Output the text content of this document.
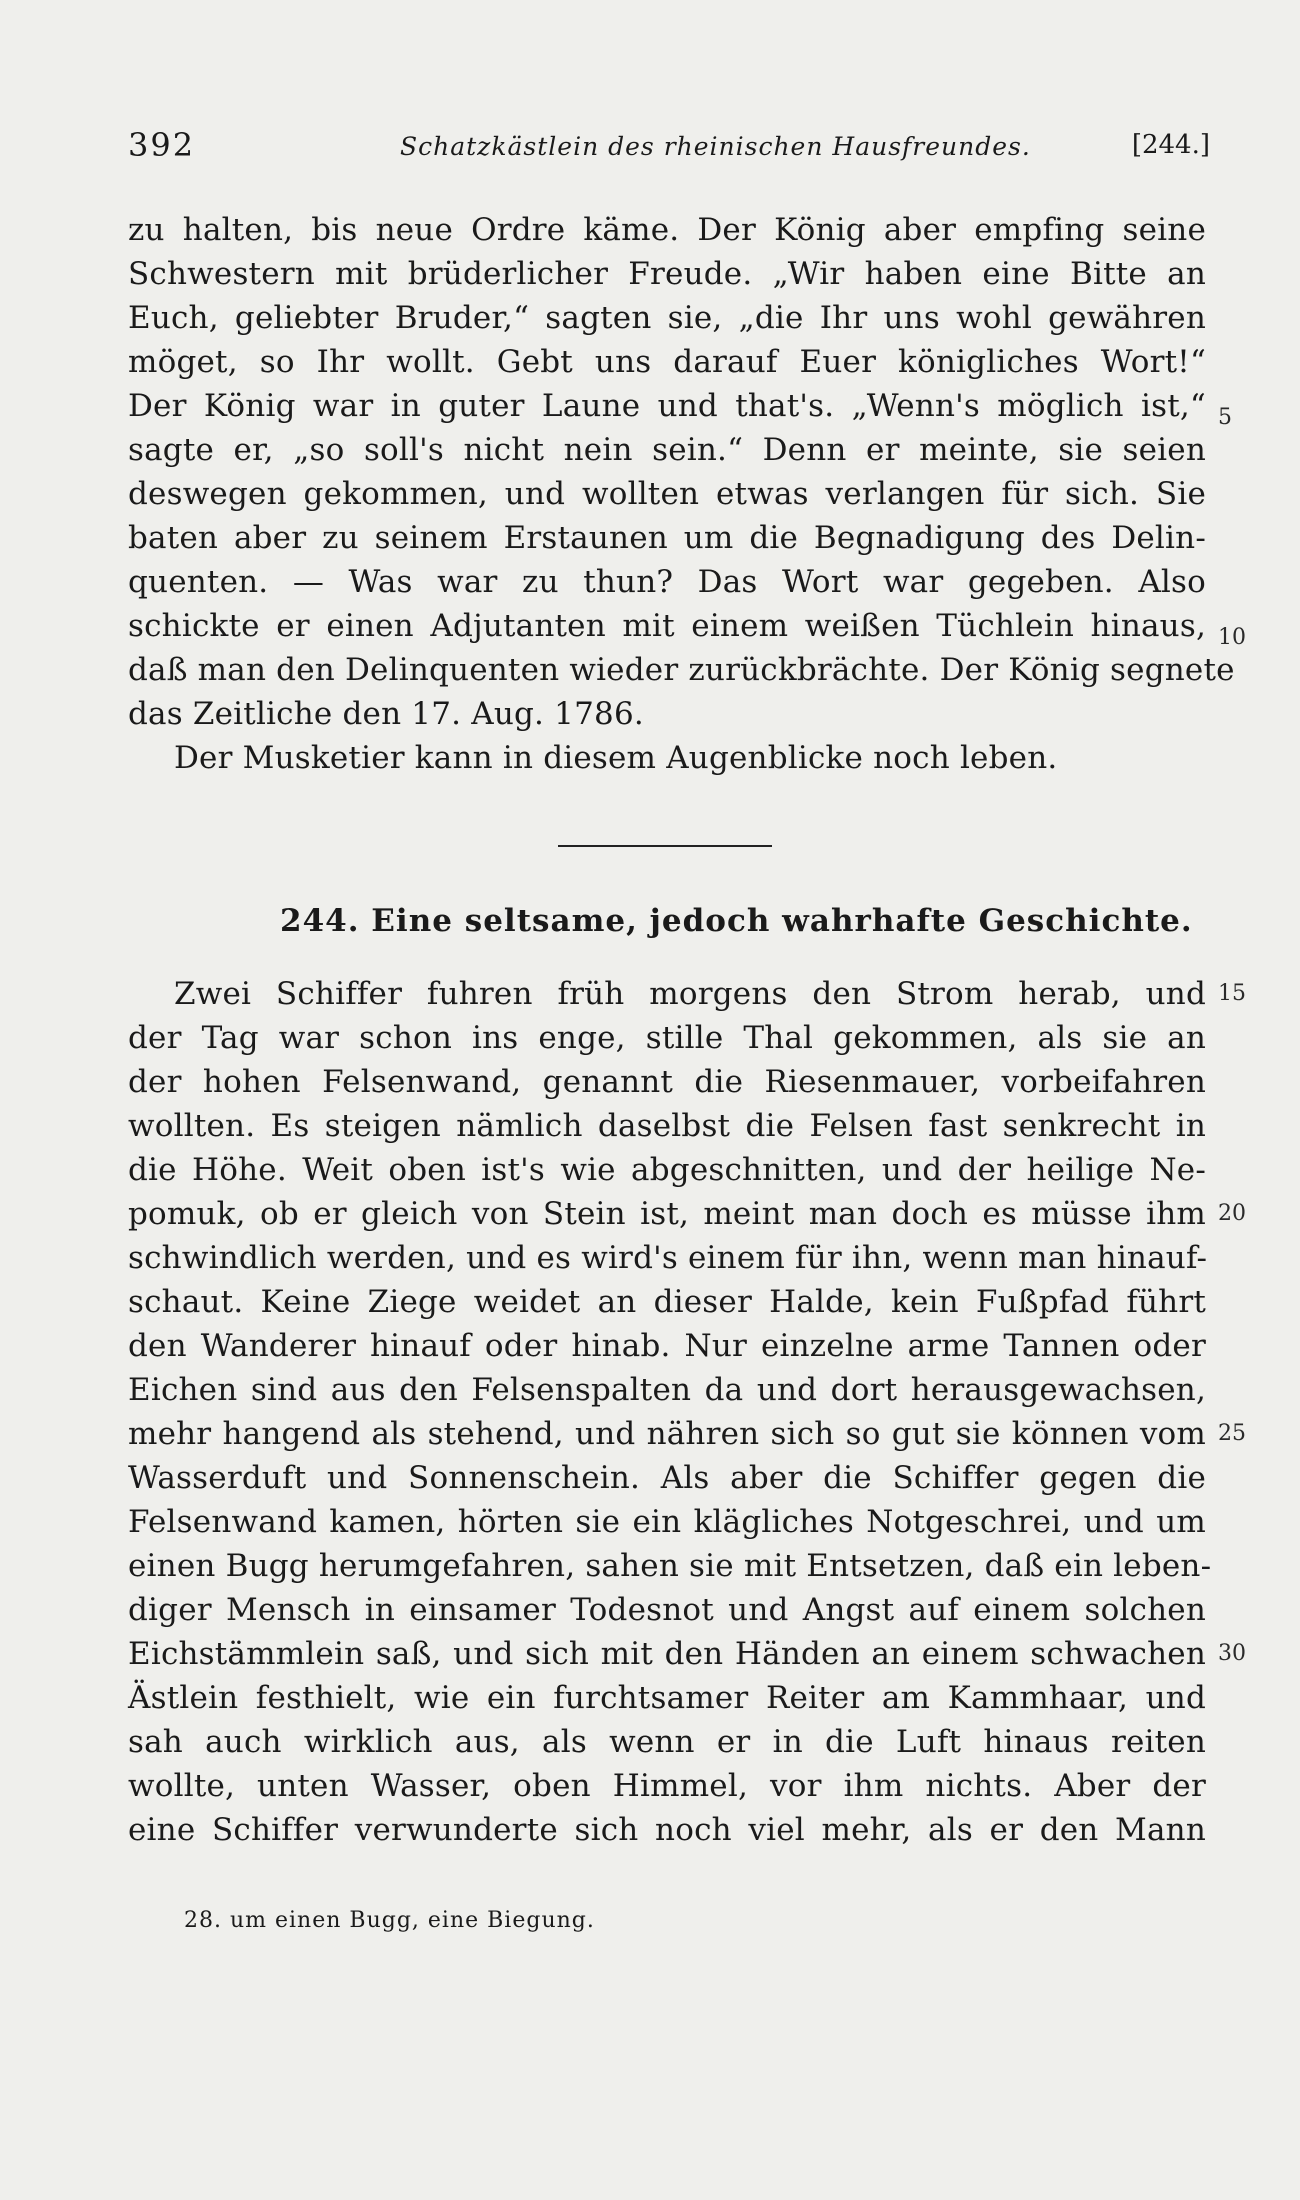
392	Schatzkästlein des rheinischen Hausfreundes.	[244.]
zu halten, bis neue Ordre käme. Der König aber empfing seine
Schwestern mit brüderlicher Freude. „Wir haben eine Bitte an
Euch, geliebter Bruder,“ sagten sie, „die Ihr uns wohl gewähren
möget, so Ihr wollt. Gebt uns darauf Euer königliches Wort!“
Der König war in guter Laune und that's. „Wenn's möglich ist,“
sagte er, „so soll's nicht nein sein.“ Denn er meinte, sie seien
deswegen gekommen, und wollten etwas verlangen für sich. Sie
baten aber zu seinem Erstaunen um die Begnadigung des Delin-
quenten. — Was war zu thun? Das Wort war gegeben. Also
schickte er einen Adjutanten mit einem weißen Tüchlein hinaus,
daß man den Delinquenten wieder zurückbrächte. Der König segnete
das Zeitliche den 17. Aug. 1786.
Der Musketier kann in diesem Augenblicke noch leben.
244. Eine seltsame, jedoch wahrhafte Geschichte.
Zwei Schiffer fuhren früh morgens den Strom herab, und
der Tag war schon ins enge, stille Thal gekommen, als sie an
der hohen Felsenwand, genannt die Riesenmauer, vorbeifahren
wollten. Es steigen nämlich daselbst die Felsen fast senkrecht in
die Höhe. Weit oben ist's wie abgeschnitten, und der heilige Ne-
pomuk, ob er gleich von Stein ist, meint man doch es müsse ihm
schwindlich werden, und es wird's einem für ihn, wenn man hinauf-
schaut. Keine Ziege weidet an dieser Halde, kein Fußpfad führt
den Wanderer hinauf oder hinab. Nur einzelne arme Tannen oder
Eichen sind aus den Felsenspalten da und dort herausgewachsen,
mehr hangend als stehend, und nähren sich so gut sie können vom
Wasserduft und Sonnenschein. Als aber die Schiffer gegen die
Felsenwand kamen, hörten sie ein klägliches Notgeschrei, und um
einen Bugg herumgefahren, sahen sie mit Entsetzen, daß ein leben-
diger Mensch in einsamer Todesnot und Angst auf einem solchen
Eichstämmlein saß, und sich mit den Händen an einem schwachen
Ästlein festhielt, wie ein furchtsamer Reiter am Kammhaar, und
sah auch wirklich aus, als wenn er in die Luft hinaus reiten
wollte, unten Wasser, oben Himmel, vor ihm nichts. Aber der
eine Schiffer verwunderte sich noch viel mehr, als er den Mann
5
10
15
20
25
30
28. um einen Bugg, eine Biegung.
